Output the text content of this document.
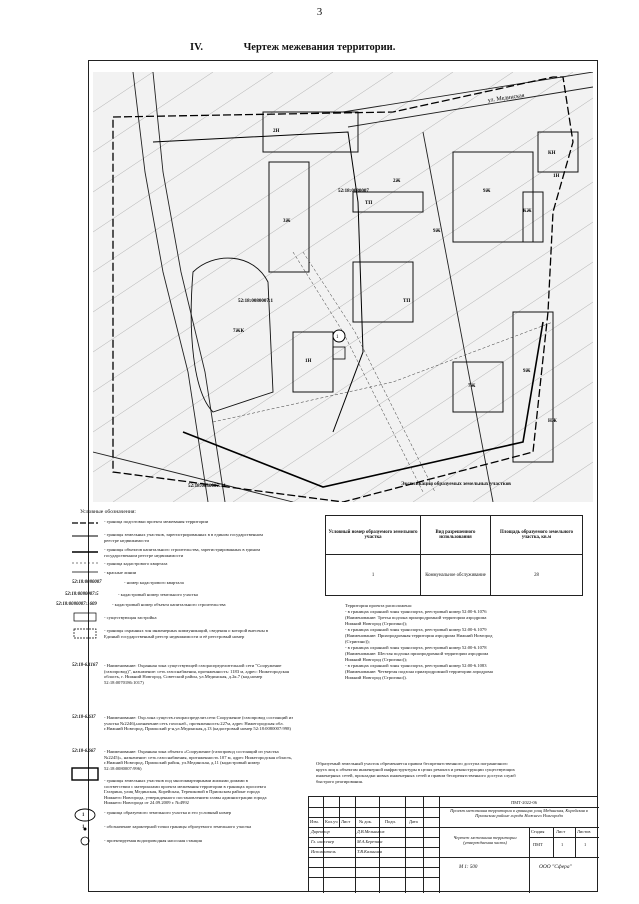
3
IV.	Чертеж межевания территории.
ул. Мединская
52:18:0080007
52:18:0080007:1
52:18:0080007:34
1
КН
ТП
ТП
2Н
9Ж
9Ж
7Ж
7ЖК
2Ж
9Ж
1Н
КЖ
1Н
3Ж
НЖ
Условные обозначения:
- граница подготовки проекта межевания территории
- границы земельных участков, зарегистрированных в в едином государственном реестре недвижимости
- границы объектов капитального строительства, зарегистрированных в едином государственном реестре недвижимости
- граница кадастрового квартала
- красные линии
52:18:0080007	- номер кадастрового квартала
52:18:0080007:5	- кадастровый номер земельного участка
52:18:0080007:1609	- кадастровый номер объекта капитального строительства
- существующая застройка
- границы охранных зон инженерных коммуникаций, сведения о которой внесены в Единый государственный реестр недвижимости и её реестровый номер
52:18-6.1167 - Наименование: Охранная зона существующей газораспределительной сети "Сооружение (газопровод)", назначение: сеть газоснабжения, протяженность: 1183 м, адрес: Нижегородская область, г. Нижний Новгород, Советский район, ул.Мединская, д.2к.7 (кад.номер 52:18:0070186:1017)
52:18-6.637 - Наименование: Охр.зона существ.газораспределит.сети Сооружение (газопровод состоящий из участка №2246),назначение:сеть газоснаб., протяженность:227м, адрес Нижегородская обл. г.Нижний Новгород, Приокский р-н,ул.Мединская,д.13 (кадастровый номер 52:18:0080007:998)
52:18-6.667 - Наименование: Охранная зона объекта «Сооружение (газопровод состоящий из участка №2245)», назначение: сеть газоснабжения, протяженность 107 м, адрес Нижегородская область, г.Нижний Новгород, Приокский район, ул.Мединская, д.11 (кадастровый номер 52:18:0080007:996)
- границы земельных участков под многоквартирными жилыми домами в соответствии с материалами проекта межевания территории в границах проспекта Гагарина, улиц Мединская, Корейская, Терешковой в Приокском районе города Нижнего Новгорода, утвержденного постановлением главы администрации города Нижнего Новгорода от 24.09.2009 г. №4992
1
- граница образуемого земельного участка и его условный номер
1	- обозначение характерной точки границы образуемого земельного участка
- проектируемая водопроводная насосная станция
Экспликация образуемых земельных участков
Условный номер образуемого земельного участка	Вид разрешенного использования	Площадь образуемого земельного участка, кв.м
1	Коммунальное обслуживание	28
Территория проекта расположена:
- в границах охранной зоны транспорта, реестровый номер 52:00-6.1076
(Наименование: Третья подзона приаэродромной территории аэродрома
Нижний Новгород (Стригино));
- в границах охранной зоны транспорта, реестровый номер 52:00-6.1079
(Наименование: Приаэродромная территория аэродрома Нижний Новгород
(Стригино));
- в границах охранной зоны транспорта, реестровый номер 52:00-6.1078
(Наименование: Шестая подзона приаэродромной территории аэродрома
Нижний Новгород (Стригино));
- в границах охранной зоны транспорта, реестровый номер 52:00-6.1083
(Наименование: Четвертая подзона приаэродромной территории аэродрома
Нижний Новгород (Стригино)).
Образуемый земельный участок обременяется правом беспрепятственного доступа пограничного
круга лиц к объектам инженерной инфраструктуры в целях ремонта и реконструкции существующих
инженерных сетей, прокладки новых инженерных сетей и правом беспрепятственного доступа служб
быстрого реагирования.
ПМТ-2022-06
Проект межевания территории в границах улиц Мединская, Корейская в Приокском районе города Нижнего Новгорода
Изм. Кол.уч Лист № док.	Подп.	Дата
Директор	Д.В.Мельников
Гл. инженер	М.А.Березина
Исполнитель	Т.В.Калинина
Чертеж межевания территории (утверждаемая часть)
Стадия	Лист	Листов
ПМТ	1	1
М 1: 500	ООО "Сфера"
